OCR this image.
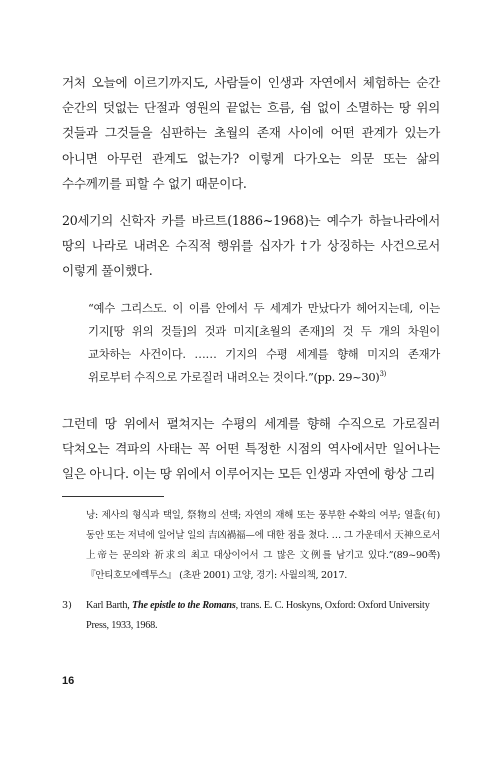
거처 오늘에 이르기까지도, 사람들이 인생과 자연에서 체험하는 순간 순간의 덧없는 단절과 영원의 끝없는 흐름, 쉼 없이 소멸하는 땅 위의 것들과 그것들을 심판하는 초월의 존재 사이에 어떤 관계가 있는가 아니면 아무런 관계도 없는가? 이렇게 다가오는 의문 또는 삶의 수수께끼를 피할 수 없기 때문이다.

20세기의 신학자 카를 바르트(1886~1968)는 예수가 하늘나라에서 땅의 나라로 내려온 수직적 행위를 십자가 †가 상징하는 사건으로서 이렇게 풀이했다.

“예수 그리스도. 이 이름 안에서 두 세계가 만났다가 헤어지는데, 이는 기지[땅 위의 것들]의 것과 미지[초월의 존재]의 것 두 개의 차원이 교차하는 사건이다. …… 기지의 수평 세계를 향해 미지의 존재가 위로부터 수직으로 가로질러 내려오는 것이다.”(pp. 29~30)$^{3)}$

그런데 땅 위에서 펼쳐지는 수평의 세계를 향해 수직으로 가로질러 닥쳐오는 격파의 사태는 꼭 어떤 특정한 시점의 역사에서만 일어나는 일은 아니다. 이는 땅 위에서 이루어지는 모든 인생과 자연에 항상 그리

낭: 제사의 형식과 택일, 祭物의 선택; 자연의 재해 또는 풍부한 수확의 여부; 열흘(旬) 동안 또는 저녁에 일어날 일의 吉凶禍福—에 대한 점을 쳤다. … 그 가운데서 天神으로서 上帝는 문의와 祈求의 최고 대상이어서 그 많은 文例를 남기고 있다.”(89~90쪽) 『안티호모에렉투스』 (초판 2001) 고양, 경기: 사월의책, 2017.

3) Karl Barth, The epistle to the Romans, trans. E. C. Hoskyns, Oxford: Oxford University Press, 1933, 1968.

16
